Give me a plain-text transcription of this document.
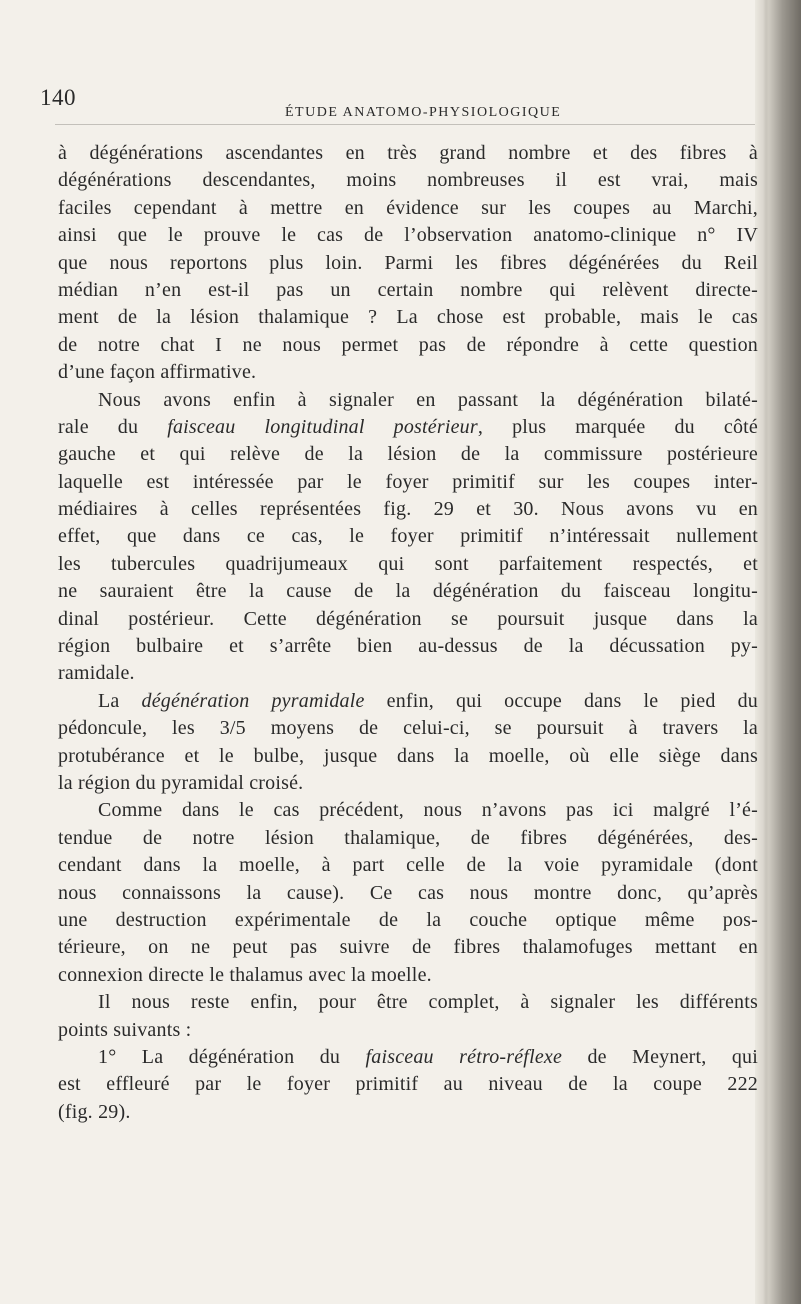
140
ÉTUDE ANATOMO-PHYSIOLOGIQUE
à dégénérations ascendantes en très grand nombre et des fibres à
dégénérations descendantes, moins nombreuses il est vrai, mais
faciles cependant à mettre en évidence sur les coupes au Marchi,
ainsi que le prouve le cas de l’observation anatomo-clinique n° IV
que nous reportons plus loin. Parmi les fibres dégénérées du Reil
médian n’en est-il pas un certain nombre qui relèvent directe-
ment de la lésion thalamique ? La chose est probable, mais le cas
de notre chat I ne nous permet pas de répondre à cette question
d’une façon affirmative.
Nous avons enfin à signaler en passant la dégénération bilaté-
rale du faisceau longitudinal postérieur, plus marquée du côté
gauche et qui relève de la lésion de la commissure postérieure
laquelle est intéressée par le foyer primitif sur les coupes inter-
médiaires à celles représentées fig. 29 et 30. Nous avons vu en
effet, que dans ce cas, le foyer primitif n’intéressait nullement
les tubercules quadrijumeaux qui sont parfaitement respectés, et
ne sauraient être la cause de la dégénération du faisceau longitu-
dinal postérieur. Cette dégénération se poursuit jusque dans la
région bulbaire et s’arrête bien au-dessus de la décussation py-
ramidale.
La dégénération pyramidale enfin, qui occupe dans le pied du
pédoncule, les 3/5 moyens de celui-ci, se poursuit à travers la
protubérance et le bulbe, jusque dans la moelle, où elle siège dans
la région du pyramidal croisé.
Comme dans le cas précédent, nous n’avons pas ici malgré l’é-
tendue de notre lésion thalamique, de fibres dégénérées, des-
cendant dans la moelle, à part celle de la voie pyramidale (dont
nous connaissons la cause). Ce cas nous montre donc, qu’après
une destruction expérimentale de la couche optique même pos-
térieure, on ne peut pas suivre de fibres thalamofuges mettant en
connexion directe le thalamus avec la moelle.
Il nous reste enfin, pour être complet, à signaler les différents
points suivants :
1° La dégénération du faisceau rétro-réflexe de Meynert, qui
est effleuré par le foyer primitif au niveau de la coupe 222
(fig. 29).
